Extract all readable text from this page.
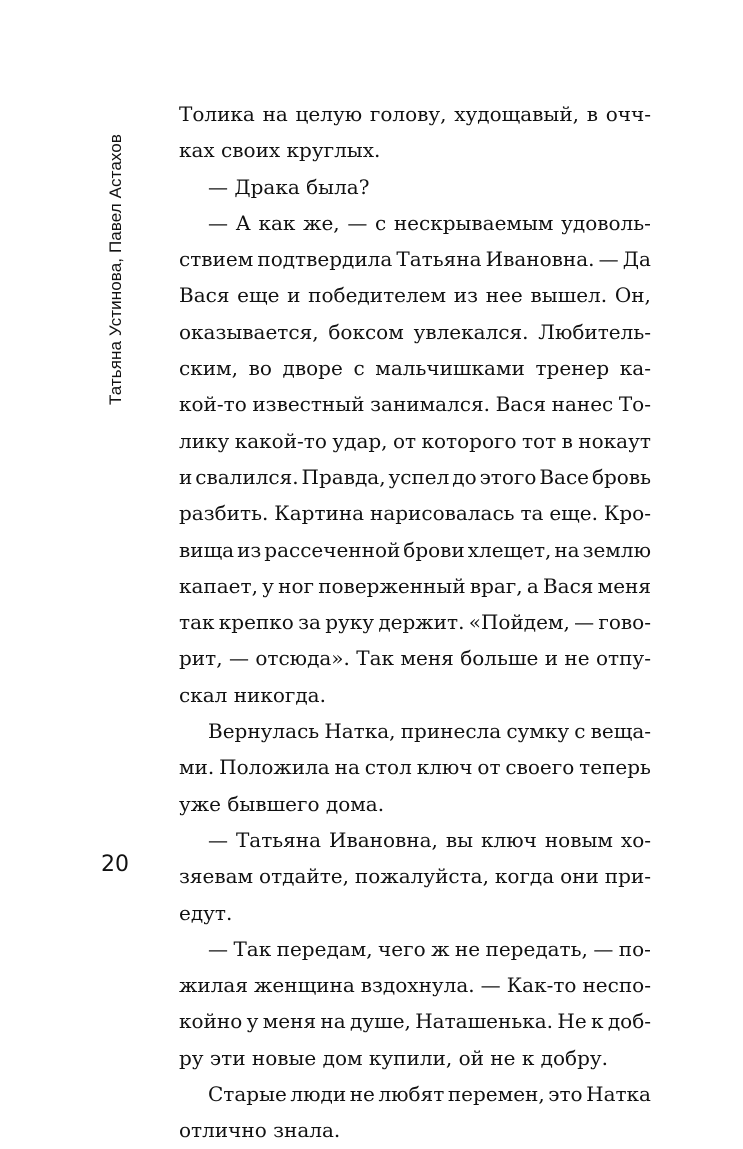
Татьяна Устинова, Павел Астахов
Толика на целую голову, худощавый, в очч-
ках своих круглых.
— Драка была?
— А как же, — с нескрываемым удоволь-
ствием подтвердила Татьяна Ивановна. — Да
Вася еще и победителем из нее вышел. Он,
оказывается, боксом увлекался. Любитель-
ским, во дворе с мальчишками тренер ка-
кой-то известный занимался. Вася нанес То-
лику какой-то удар, от которого тот в нокаут
и свалился. Правда, успел до этого Васе бровь
разбить. Картина нарисовалась та еще. Кро-
вища из рассеченной брови хлещет, на землю
капает, у ног поверженный враг, а Вася меня
так крепко за руку держит. «Пойдем, — гово-
рит, — отсюда». Так меня больше и не отпу-
скал никогда.
Вернулась Натка, принесла сумку с веща-
ми. Положила на стол ключ от своего теперь
уже бывшего дома.
— Татьяна Ивановна, вы ключ новым хо-
зяевам отдайте, пожалуйста, когда они при-
едут.
— Так передам, чего ж не передать, — по-
жилая женщина вздохнула. — Как-то неспо-
койно у меня на душе, Наташенька. Не к доб-
ру эти новые дом купили, ой не к добру.
Старые люди не любят перемен, это Натка
отлично знала.
20
